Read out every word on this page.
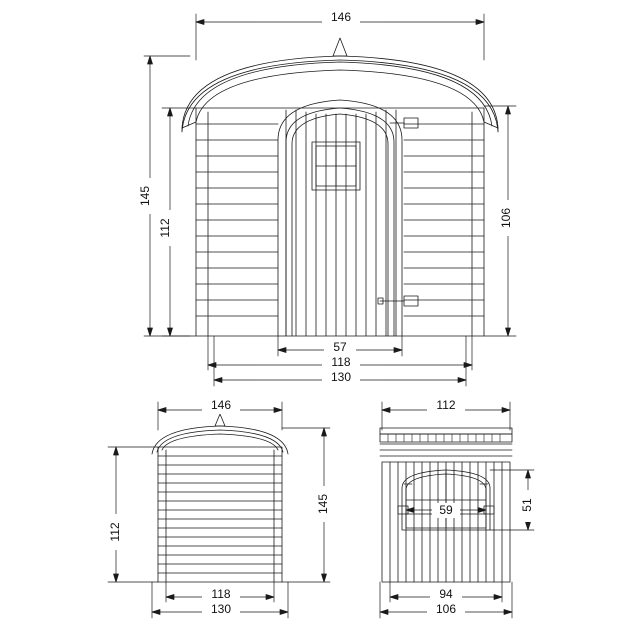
146
145
112	106
57
118
130
146
145
112
118
130
112
51
59
94
106
